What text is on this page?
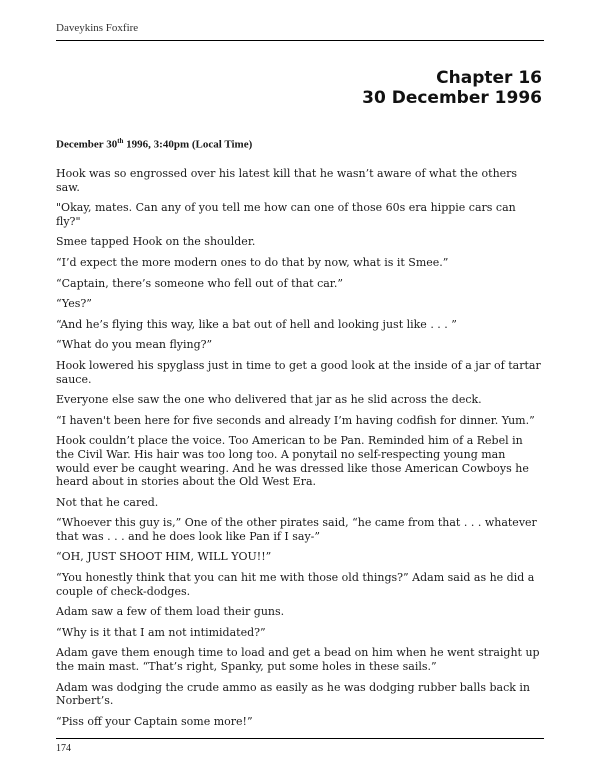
Daveykins Foxfire
Chapter 16
30 December 1996
December 30th 1996, 3:40pm (Local Time)

Hook was so engrossed over his latest kill that he wasn’t aware of what the others saw.

"Okay, mates. Can any of you tell me how can one of those 60s era hippie cars can fly?"

Smee tapped Hook on the shoulder.

“I’d expect the more modern ones to do that by now, what is it Smee.”

“Captain, there’s someone who fell out of that car.”

“Yes?”

“And he’s flying this way, like a bat out of hell and looking just like . . . ”

“What do you mean flying?”

Hook lowered his spyglass just in time to get a good look at the inside of a jar of tartar sauce.

Everyone else saw the one who delivered that jar as he slid across the deck.

“I haven't been here for five seconds and already I’m having codfish for dinner. Yum.”

Hook couldn’t place the voice. Too American to be Pan. Reminded him of a Rebel in the Civil War. His hair was too long too. A ponytail no self-respecting young man would ever be caught wearing. And he was dressed like those American Cowboys he heard about in stories about the Old West Era.

Not that he cared.

“Whoever this guy is,” One of the other pirates said, “he came from that . . . whatever that was . . . and he does look like Pan if I say-”

“OH, JUST SHOOT HIM, WILL YOU!!”

“You honestly think that you can hit me with those old things?” Adam said as he did a couple of check-dodges.

Adam saw a few of them load their guns.

“Why is it that I am not intimidated?”

Adam gave them enough time to load and get a bead on him when he went straight up the main mast. “That’s right, Spanky, put some holes in these sails.”

Adam was dodging the crude ammo as easily as he was dodging rubber balls back in Norbert’s.

“Piss off your Captain some more!”

174
